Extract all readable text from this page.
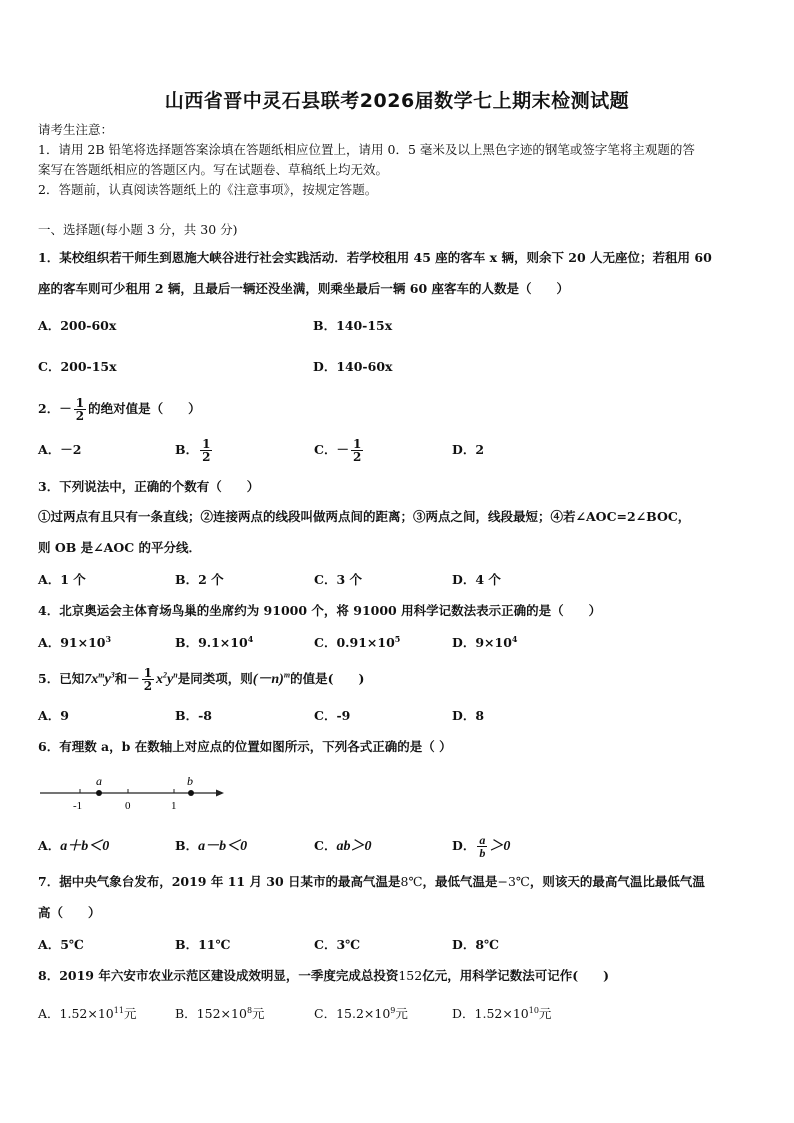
山西省晋中灵石县联考2026届数学七上期末检测试题
请考生注意：
1．请用 2B 铅笔将选择题答案涂填在答题纸相应位置上，请用 0．5 毫米及以上黑色字迹的钢笔或签字笔将主观题的答
案写在答题纸相应的答题区内。写在试题卷、草稿纸上均无效。
2．答题前，认真阅读答题纸上的《注意事项》，按规定答题。
一、选择题(每小题 3 分，共 30 分)
1．某校组织若干师生到恩施大峡谷进行社会实践活动．若学校租用 45 座的客车 x 辆，则余下 20 人无座位；若租用 60
座的客车则可少租用 2 辆，且最后一辆还没坐满，则乘坐最后一辆 60 座客车的人数是（　　）
A．200-60x	B．140-15x
C．200-15x	D．140-60x
2．－ $\frac{1}{2}$ 的绝对值是（　　）
A．－2	B． $\frac{1}{2}$	C．－ $\frac{1}{2}$	D．2
3．下列说法中，正确的个数有（　　）
①过两点有且只有一条直线；②连接两点的线段叫做两点间的距离；③两点之间，线段最短；④若∠AOC=2∠BOC，
则 OB 是∠AOC 的平分线．
A．1 个	B．2 个	C．3 个	D．4 个
4．北京奥运会主体育场鸟巢的坐席约为 91000 个，将 91000 用科学记数法表示正确的是（　　）
A．$91\times 10^3$	B．$9.1\times 10^4$	C．$0.91\times 10^5$	D．$9\times 10^4$
5．已知$7x^my^3$和－ $\frac{1}{2} x^2y^n$是同类项，则$(-n)^m$的值是(　　)
A．9	B．-8	C．-9	D．8
6．有理数 a，b 在数轴上对应点的位置如图所示，下列各式正确的是（ ）
a	b
-1	0	1
A．a＋b＜0	B．a－b＜0	C．ab＞0	D． $\frac{a}{b} >0$
7．据中央气象台发布，2019 年 11 月 30 日某市的最高气温是8℃，最低气温是−3℃，则该天的最高气温比最低气温
高（　　）
A．5℃	B．11℃	C．3℃	D．8℃
8．2019 年六安市农业示范区建设成效明显，一季度完成总投资152亿元，用科学记数法可记作(　　)
A．$1.52\times 10^{11}$元	B．$152\times 10^8$元	C．$15.2\times 10^9$元	D．$1.52\times 10^{10}$元
